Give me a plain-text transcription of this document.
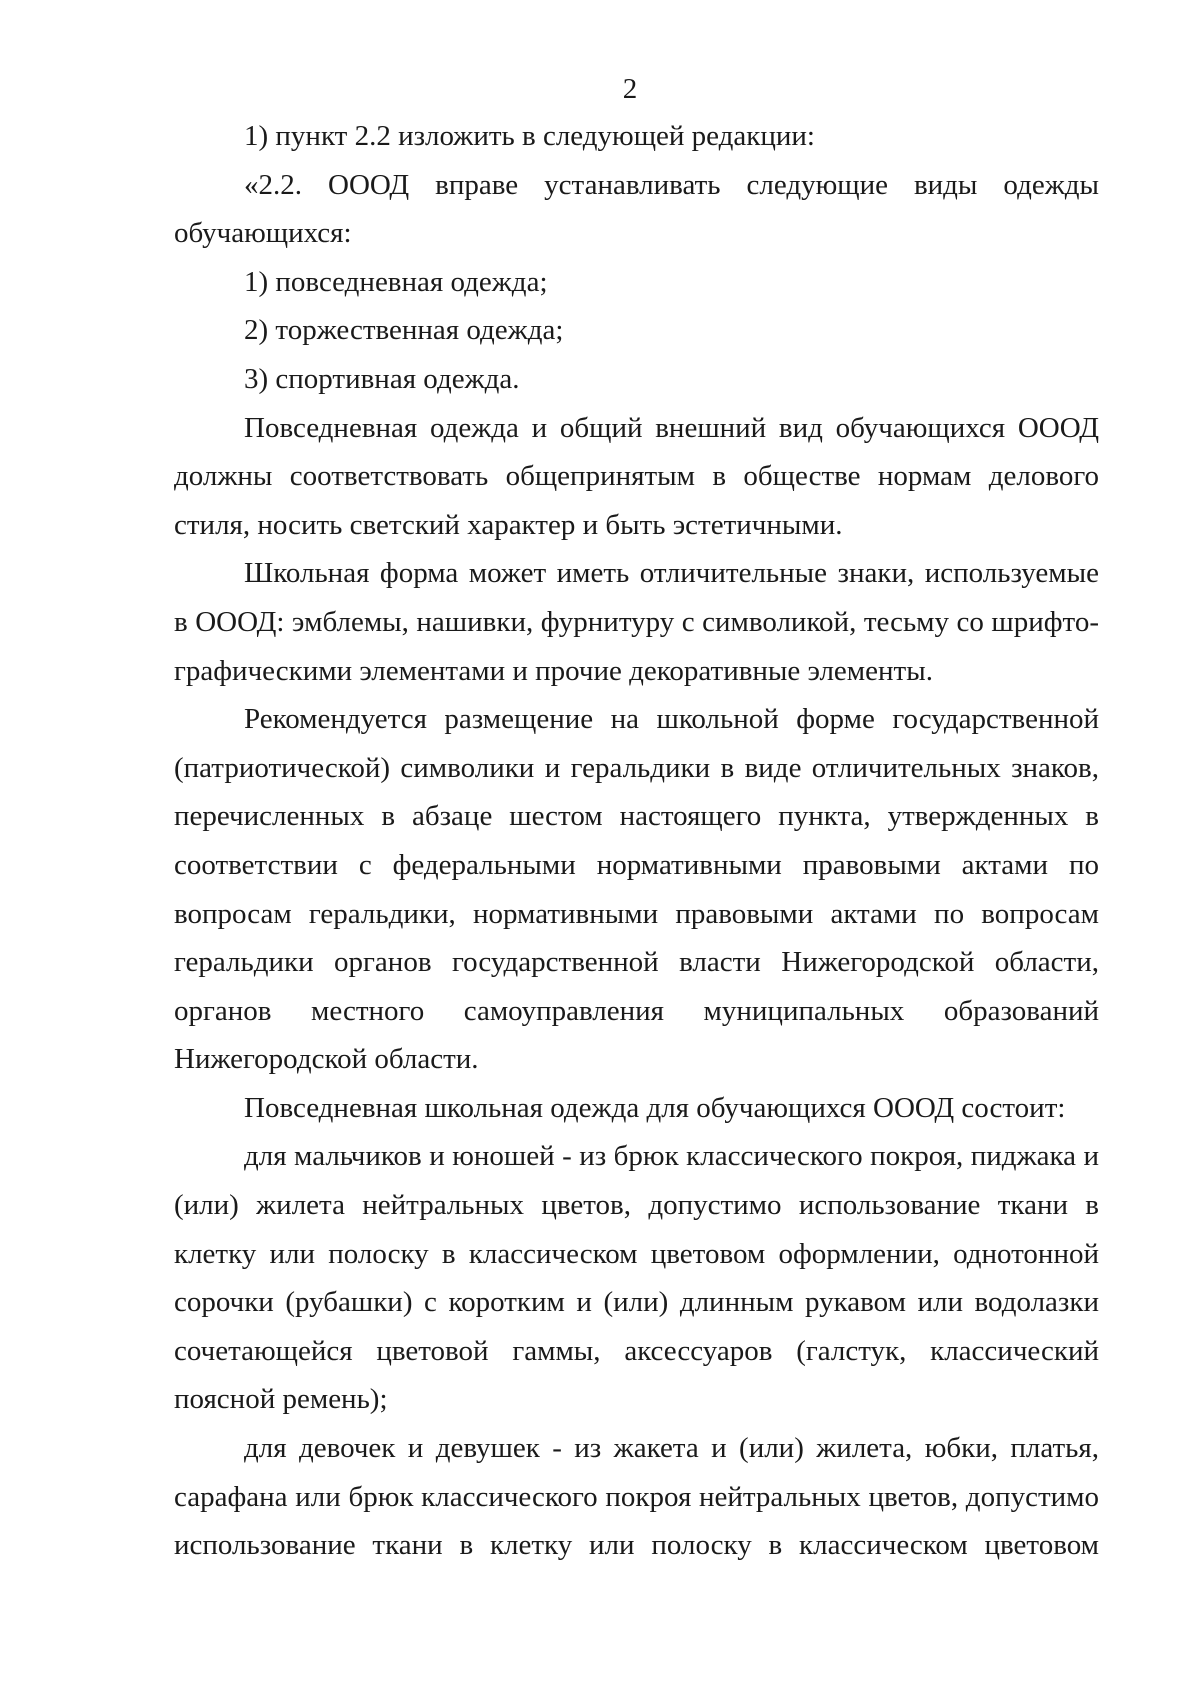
2

1) пункт 2.2 изложить в следующей редакции:

«2.2. ОООД вправе устанавливать следующие виды одежды обучающихся:

1) повседневная одежда;

2) торжественная одежда;

3) спортивная одежда.

Повседневная одежда и общий внешний вид обучающихся ОООД должны соответствовать общепринятым в обществе нормам делового стиля, носить светский характер и быть эстетичными.

Школьная форма может иметь отличительные знаки, используемые в ОООД: эмблемы, нашивки, фурнитуру с символикой, тесьму со шрифто-графическими элементами и прочие декоративные элементы.

Рекомендуется размещение на школьной форме государственной (патриотической) символики и геральдики в виде отличительных знаков, перечисленных в абзаце шестом настоящего пункта, утвержденных в соответствии с федеральными нормативными правовыми актами по вопросам геральдики, нормативными правовыми актами по вопросам геральдики органов государственной власти Нижегородской области, органов местного самоуправления муниципальных образований Нижегородской области.

Повседневная школьная одежда для обучающихся ОООД состоит:

для мальчиков и юношей - из брюк классического покроя, пиджака и (или) жилета нейтральных цветов, допустимо использование ткани в клетку или полоску в классическом цветовом оформлении, однотонной сорочки (рубашки) с коротким и (или) длинным рукавом или водолазки сочетающейся цветовой гаммы, аксессуаров (галстук, классический поясной ремень);

для девочек и девушек - из жакета и (или) жилета, юбки, платья, сарафана или брюк классического покроя нейтральных цветов, допустимо использование ткани в клетку или полоску в классическом цветовом
